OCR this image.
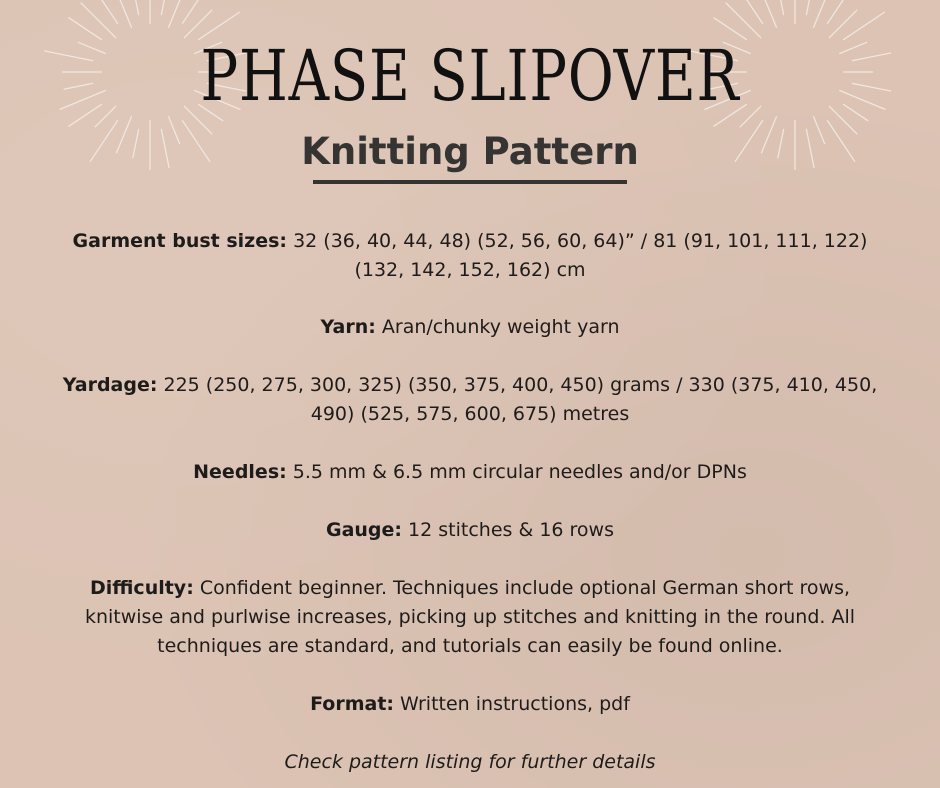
PHASE SLIPOVER
Knitting Pattern

Garment bust sizes: 32 (36, 40, 44, 48) (52, 56, 60, 64)” / 81 (91, 101, 111, 122)
(132, 142, 152, 162) cm

Yarn: Aran/chunky weight yarn

Yardage: 225 (250, 275, 300, 325) (350, 375, 400, 450) grams / 330 (375, 410, 450,
490) (525, 575, 600, 675) metres

Needles: 5.5 mm & 6.5 mm circular needles and/or DPNs

Gauge: 12 stitches & 16 rows

Difficulty: Confident beginner. Techniques include optional German short rows,
knitwise and purlwise increases, picking up stitches and knitting in the round. All
techniques are standard, and tutorials can easily be found online.

Format: Written instructions, pdf

Check pattern listing for further details
